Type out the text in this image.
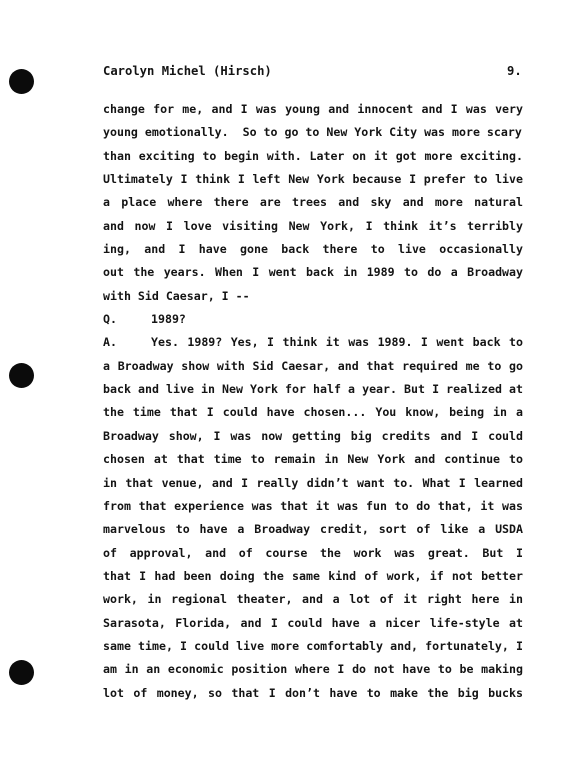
Carolyn Michel (Hirsch)	9.
change for me, and I was young and innocent and I was very
young emotionally.  So to go to New York City was more scary
than exciting to begin with. Later on it got more exciting.
Ultimately I think I left New York because I prefer to live
a place where there are trees and sky and more natural
and now I love visiting New York, I think it’s terribly
ing, and I have gone back there to live occasionally
out the years. When I went back in 1989 to do a Broadway
with Sid Caesar, I --
Q.	1989?
A.	Yes. 1989? Yes, I think it was 1989. I went back to
a Broadway show with Sid Caesar, and that required me to go
back and live in New York for half a year. But I realized at
the time that I could have chosen... You know, being in a
Broadway show, I was now getting big credits and I could
chosen at that time to remain in New York and continue to
in that venue, and I really didn’t want to. What I learned
from that experience was that it was fun to do that, it was
marvelous to have a Broadway credit, sort of like a USDA
of approval, and of course the work was great. But I
that I had been doing the same kind of work, if not better
work, in regional theater, and a lot of it right here in
Sarasota, Florida, and I could have a nicer life-style at
same time, I could live more comfortably and, fortunately, I
am in an economic position where I do not have to be making
lot of money, so that I don’t have to make the big bucks
